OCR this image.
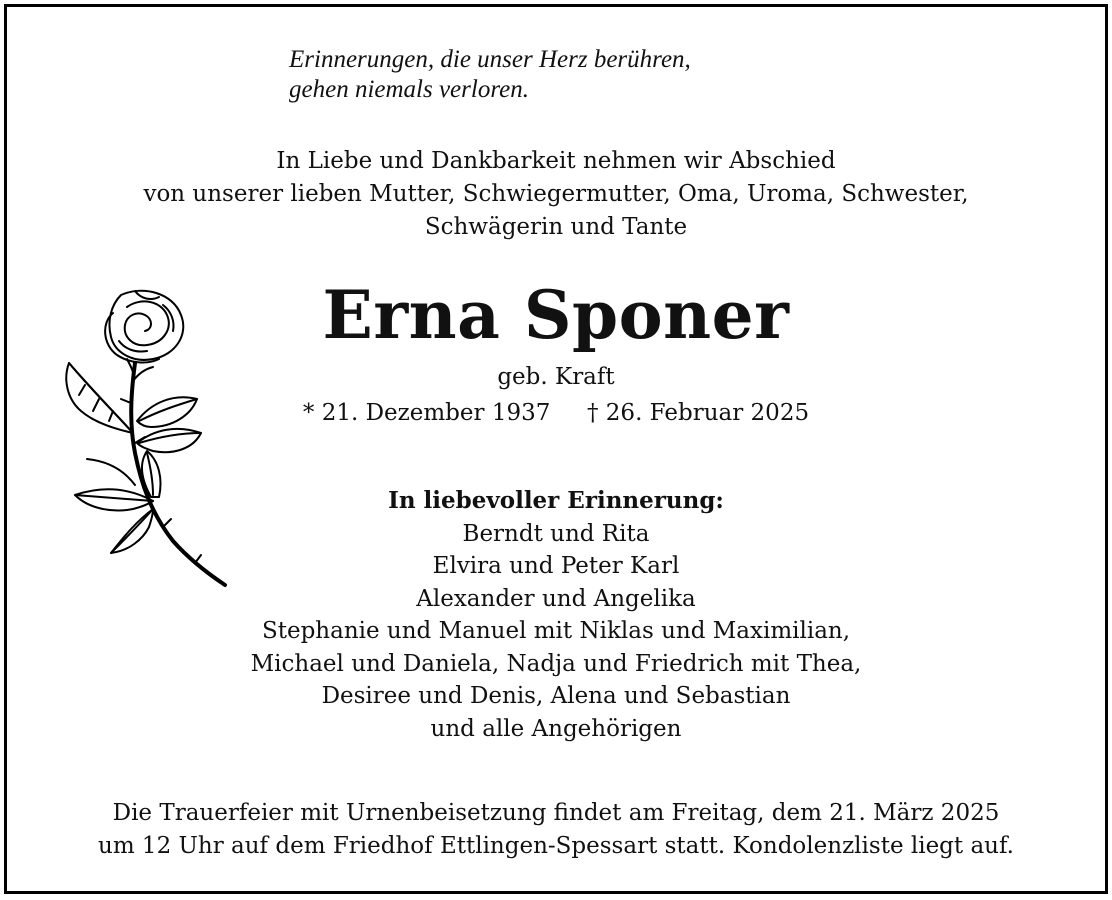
Erinnerungen, die unser Herz berühren,
gehen niemals verloren.
In Liebe und Dankbarkeit nehmen wir Abschied
von unserer lieben Mutter, Schwiegermutter, Oma, Uroma, Schwester,
Schwägerin und Tante
Erna Sponer
geb. Kraft
* 21. Dezember 1937 † 26. Februar 2025
In liebevoller Erinnerung:
Berndt und Rita
Elvira und Peter Karl
Alexander und Angelika
Stephanie und Manuel mit Niklas und Maximilian,
Michael und Daniela, Nadja und Friedrich mit Thea,
Desiree und Denis, Alena und Sebastian
und alle Angehörigen
Die Trauerfeier mit Urnenbeisetzung findet am Freitag, dem 21. März 2025
um 12 Uhr auf dem Friedhof Ettlingen-Spessart statt. Kondolenzliste liegt auf.
